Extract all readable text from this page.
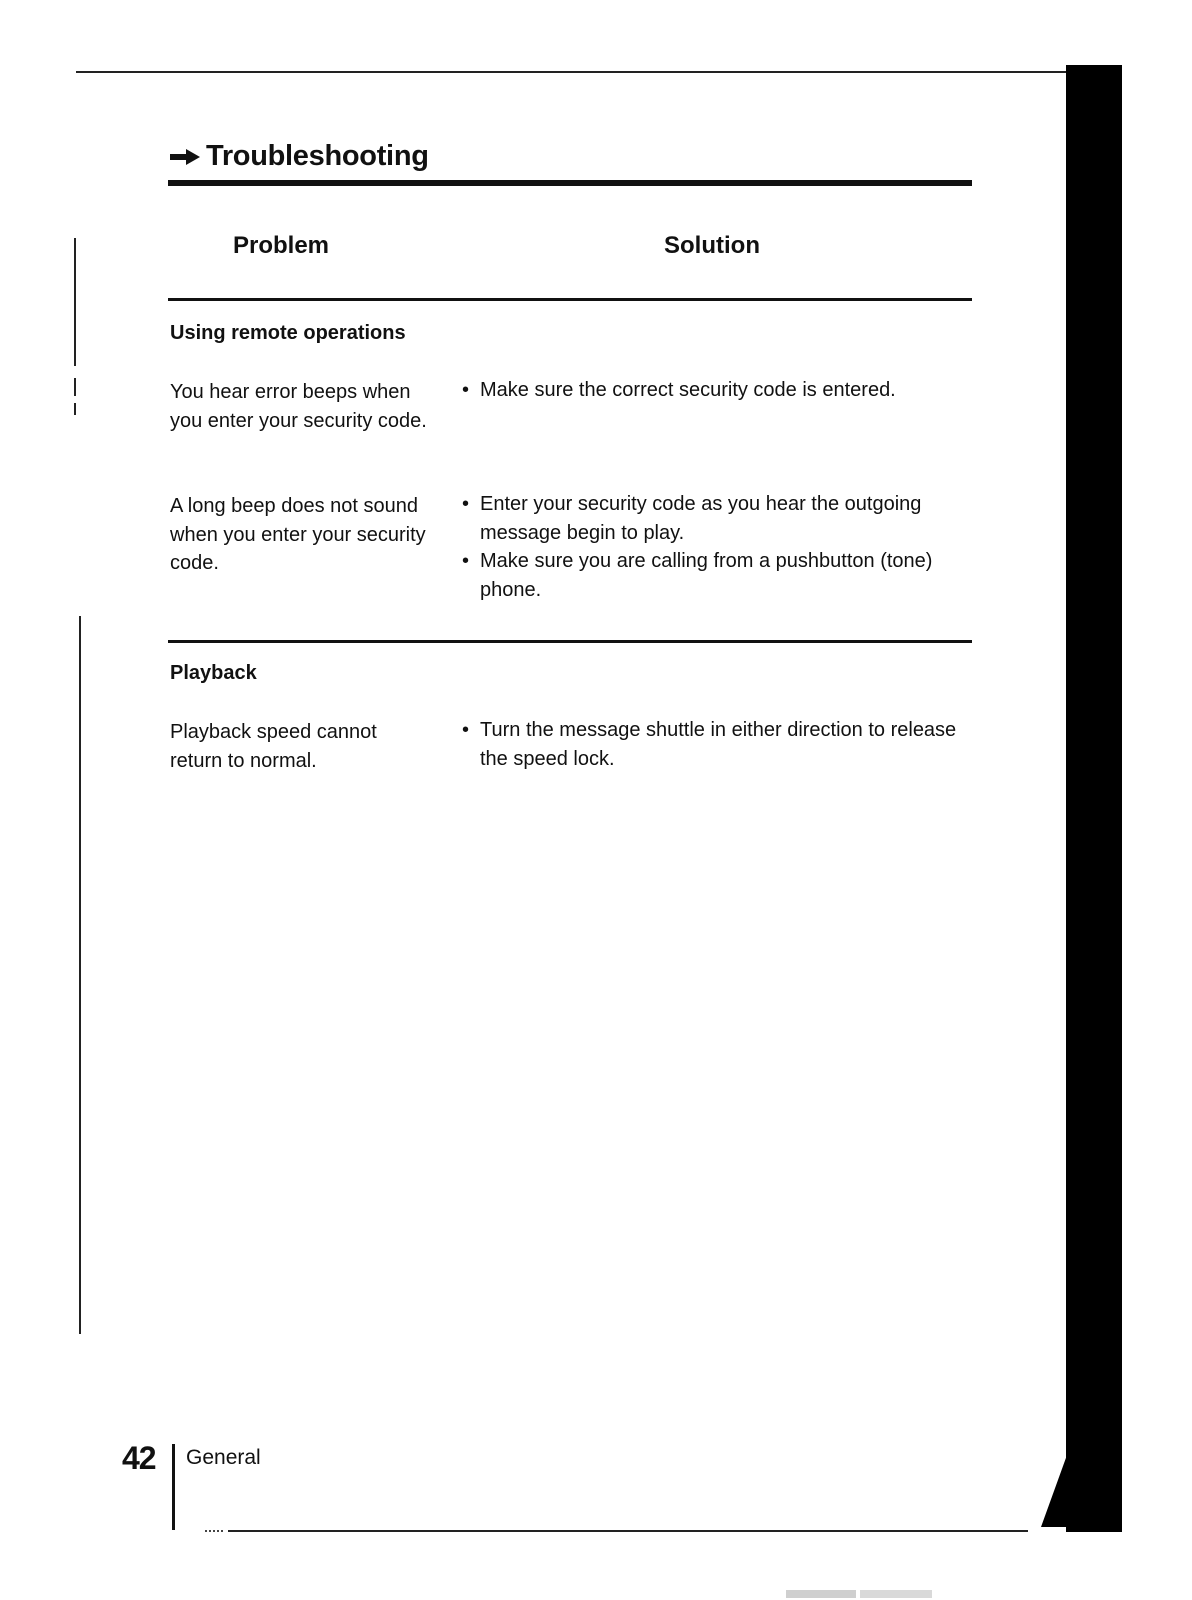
Troubleshooting
Problem	Solution
Using remote operations
You hear error beeps when you enter your security code.
• Make sure the correct security code is entered.
A long beep does not sound when you enter your security code.
• Enter your security code as you hear the outgoing message begin to play.
• Make sure you are calling from a pushbutton (tone) phone.
Playback
Playback speed cannot return to normal.
• Turn the message shuttle in either direction to release the speed lock.
42 General
